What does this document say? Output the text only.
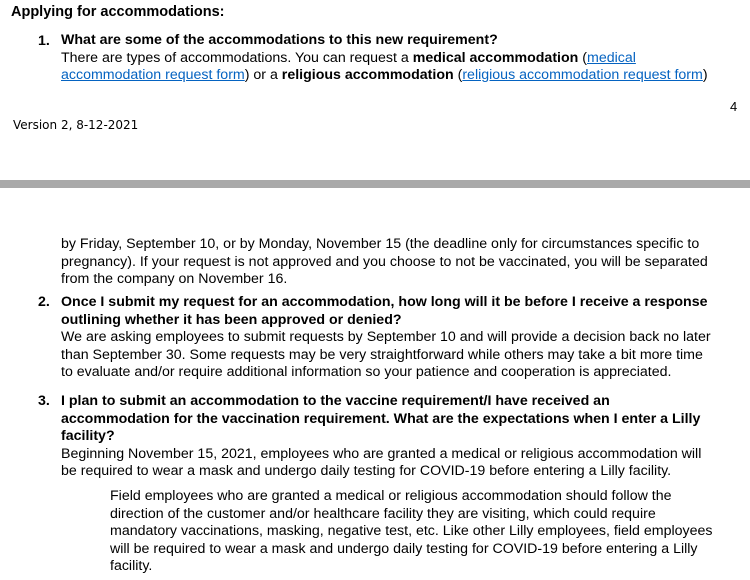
Applying for accommodations:
1. What are some of the accommodations to this new requirement?
There are types of accommodations. You can request a medical accommodation (medical
accommodation request form) or a religious accommodation (religious accommodation request form)
4
Version 2, 8-12-2021
by Friday, September 10, or by Monday, November 15 (the deadline only for circumstances specific to
pregnancy). If your request is not approved and you choose to not be vaccinated, you will be separated
from the company on November 16.
2. Once I submit my request for an accommodation, how long will it be before I receive a response
outlining whether it has been approved or denied?
We are asking employees to submit requests by September 10 and will provide a decision back no later
than September 30. Some requests may be very straightforward while others may take a bit more time
to evaluate and/or require additional information so your patience and cooperation is appreciated.
3. I plan to submit an accommodation to the vaccine requirement/I have received an
accommodation for the vaccination requirement. What are the expectations when I enter a Lilly
facility?
Beginning November 15, 2021, employees who are granted a medical or religious accommodation will
be required to wear a mask and undergo daily testing for COVID-19 before entering a Lilly facility.
Field employees who are granted a medical or religious accommodation should follow the
direction of the customer and/or healthcare facility they are visiting, which could require
mandatory vaccinations, masking, negative test, etc. Like other Lilly employees, field employees
will be required to wear a mask and undergo daily testing for COVID-19 before entering a Lilly
facility.
